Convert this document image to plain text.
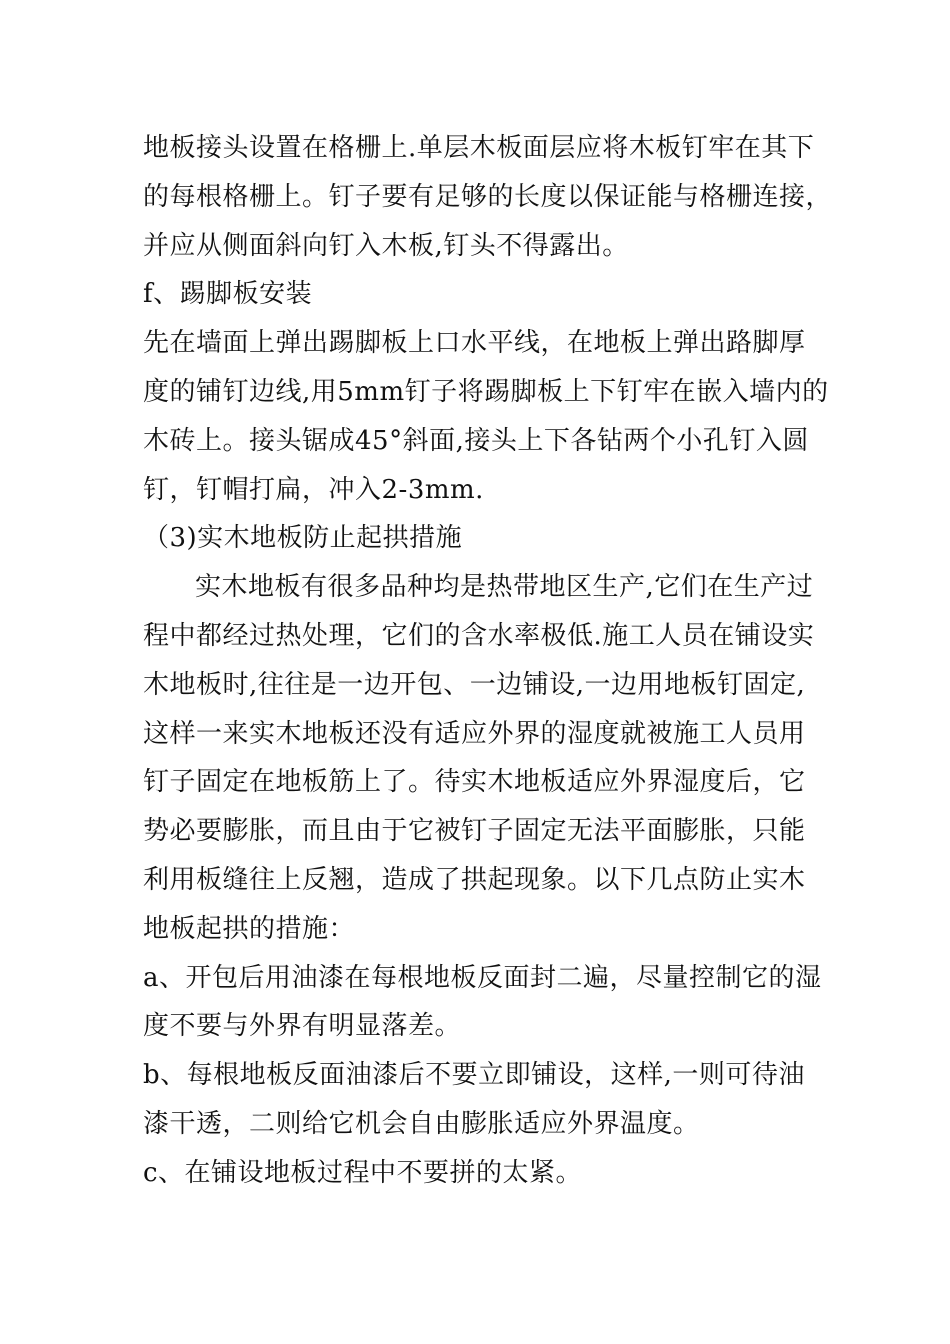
地板接头设置在格栅上.单层木板面层应将木板钉牢在其下
的每根格栅上。钉子要有足够的长度以保证能与格栅连接，
并应从侧面斜向钉入木板,钉头不得露出。
f、踢脚板安装
先在墙面上弹出踢脚板上口水平线，在地板上弹出路脚厚
度的铺钉边线,用5mm钉子将踢脚板上下钉牢在嵌入墙内的
木砖上。接头锯成45°斜面,接头上下各钻两个小孔钉入圆
钉，钉帽打扁，冲入2-3mm.
（3)实木地板防止起拱措施
实木地板有很多品种均是热带地区生产,它们在生产过
程中都经过热处理，它们的含水率极低.施工人员在铺设实
木地板时,往往是一边开包、一边铺设,一边用地板钉固定,
这样一来实木地板还没有适应外界的湿度就被施工人员用
钉子固定在地板筋上了。待实木地板适应外界湿度后，它
势必要膨胀，而且由于它被钉子固定无法平面膨胀，只能
利用板缝往上反翘，造成了拱起现象。以下几点防止实木
地板起拱的措施：
a、开包后用油漆在每根地板反面封二遍，尽量控制它的湿
度不要与外界有明显落差。
b、每根地板反面油漆后不要立即铺设，这样,一则可待油
漆干透，二则给它机会自由膨胀适应外界温度。
c、在铺设地板过程中不要拼的太紧。
